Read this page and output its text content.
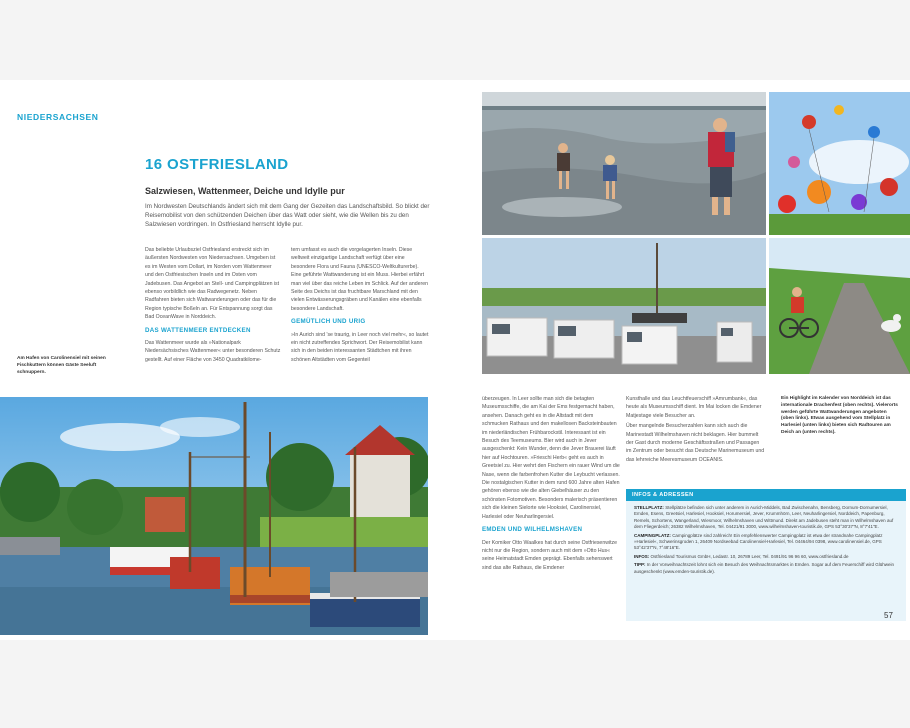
NIEDERSACHSEN
16 OSTFRIESLAND
Salzwiesen, Wattenmeer, Deiche und Idylle pur

Im Nordwesten Deutschlands ändert sich mit dem Gang der Gezeiten das Landschaftsbild. So blickt der Reisemobilist von den schützenden Deichen über das Watt oder sieht, wie die Wellen bis zu den Salzwiesen vordringen. In Ostfriesland herrscht Idylle pur.

Das beliebte Urlaubsziel Ostfriesland erstreckt sich im äußersten Nordwesten von Niedersachsen. Umgeben ist es im Westen vom Dollart, im Norden vom Wattenmeer und den Ostfriesischen Inseln und im Osten vom Jadebusen. Das Angebot an Stell- und Campingplätzen ist ebenso vorbildlich wie das Radwegenetz. Neben Radfahren bieten sich Wattwanderungen oder das für die Region typische Boßeln an. Für Entspannung sorgt das Bad OceanWave in Norddeich.

DAS WATTENMEER ENTDECKEN

Das Wattenmeer wurde als »Nationalpark Niedersächsisches Wattenmeer« unter besonderen Schutz gestellt. Auf einer Fläche von 3450 Quadratkilome-

tern umfasst es auch die vorgelagerten Inseln. Diese weltweit einzigartige Landschaft verfügt über eine besondere Flora und Fauna (UNESCO-Weltkulturerbe). Eine geführte Wattwanderung ist ein Muss. Hierbei erfährt man viel über das reiche Leben im Schlick. Auf der anderen Seite des Deichs ist das fruchtbare Marschland mit den vielen Entwässerungsgräben und Kanälen eine ebenfalls besondere Landschaft.

GEMÜTLICH UND URIG

»In Aurich sind 'se traurig, in Leer noch viel mehr«, so lautet ein nicht zutreffendes Sprichwort. Der Reisemobilist kann sich in den beiden interessanten Städtchen mit ihren schönen Altstädten vom Gegenteil

Am Hafen von Carolinensiel mit seinen Fischkuttern können Gäste Seeluft schnuppern.

überzeugen. In Leer sollte man sich die betagten Museumsschiffe, die am Kai der Ems festgemacht haben, ansehen. Danach geht es in die Altstadt mit dem schmucken Rathaus und den makellosen Backsteinbauten im niederländischen Frühbarockstil. Interessant ist ein Besuch des Teemuseums. Bier wird auch in Jever ausgeschenkt: Kein Wunder, denn die Jever Brauerei läuft hier auf Hochtouren. »Frieschi Herb« geht es auch in Greetsiel zu. Hier wehrt den Fischern ein rauer Wind um die Nase, wenn die farbenfrohen Kutter die Leybucht verlassen. Die nostalgischen Kutter in dem rund 600 Jahre alten Hafen gehören ebenso wie die alten Giebelhäuser zu den schönsten Fotomotiven. Besonders malerisch präsentieren sich die kleinen Sielorte wie Hooksiel, Carolinensiel, Harlesiel oder Neuharlingersiel.

EMDEN UND WILHELMSHAVEN

Der Komiker Otto Waalkes hat durch seine Ostfriesenwitze nicht nur die Region, sondern auch mit dem »Otto Hus« seine Heimatstadt Emden geprägt. Ebenfalls sehenswert sind das alte Rathaus, die Emdener

Kunsthalle und das Leuchtfeuerschiff »Amrumbank«, das heute als Museumsschiff dient. Im Mai locken die Emdener Matjestage viele Besucher an.

Über mangelnde Besucherzahlen kann sich auch die Marinestadt Wilhelmshaven nicht beklagen. Hier bummelt der Gast durch moderne Geschäftsstraßen und Passagen im Zentrum oder besucht das Deutsche Marinemuseum und das lehrreiche Meeresmuseum OCEANIS.

Ein Highlight im Kalender von Norddeich ist das internationale Drachenfest (oben rechts). Vielerorts werden geführte Wattwanderungen angeboten (oben links). Etwas ausgehend vom Stellplatz in Harlesiel (unten links) bieten sich Radtouren am Deich an (unten rechts).
INFOS & ADRESSEN

STELLPLATZ: Stellplätze befinden sich unter anderem in Aurich-Middels, Bad Zwischenahn, Bensberg, Dornum-Dornumersiel, Emden, Esens, Greetsiel, Harlesiel, Hooksiel, Horumersiel, Jever, Krummhörn, Leer, Neuharlingersiel, Norddeich, Papenburg, Remels, Schortens, Wangerland, Wiesmoor, Wilhelmshaven und Wittmund. Direkt am Jadebusen steht man in Wilhelmshaven auf dem Fliegerdeich; 26382 Wilhelmshaven, Tel. 04421/91 3000, www.wilhelmshaven-touristik.de, GPS 53°30'37"N, 8°7'41"E.

CAMPINGPLATZ: Campingplätze sind zahlreich! Ein empfehlenswerter Campingplatz ist etwa der strandnahe Campingplatz »Harlesiel«, Schwerinsgroden 1, 26409 Nordseebad Carolinensiel-Harlesiel, Tel. 04464/94 0398, www.carolinensiel.de, GPS 53°42'37"N, 7°48'16"E.

INFOS: Ostfriesland Tourismus GmbH, Ledastr. 10, 26789 Leer, Tel. 0491/91 96 96 60, www.ostfriesland.de

TIPP: In der Vorweihnachtszeit lohnt sich ein Besuch des Weihnachtsmarktes in Emden. Sogar auf dem Feuerschiff wird Glühwein ausgeschenkt (www.emden-touristik.de).

57
